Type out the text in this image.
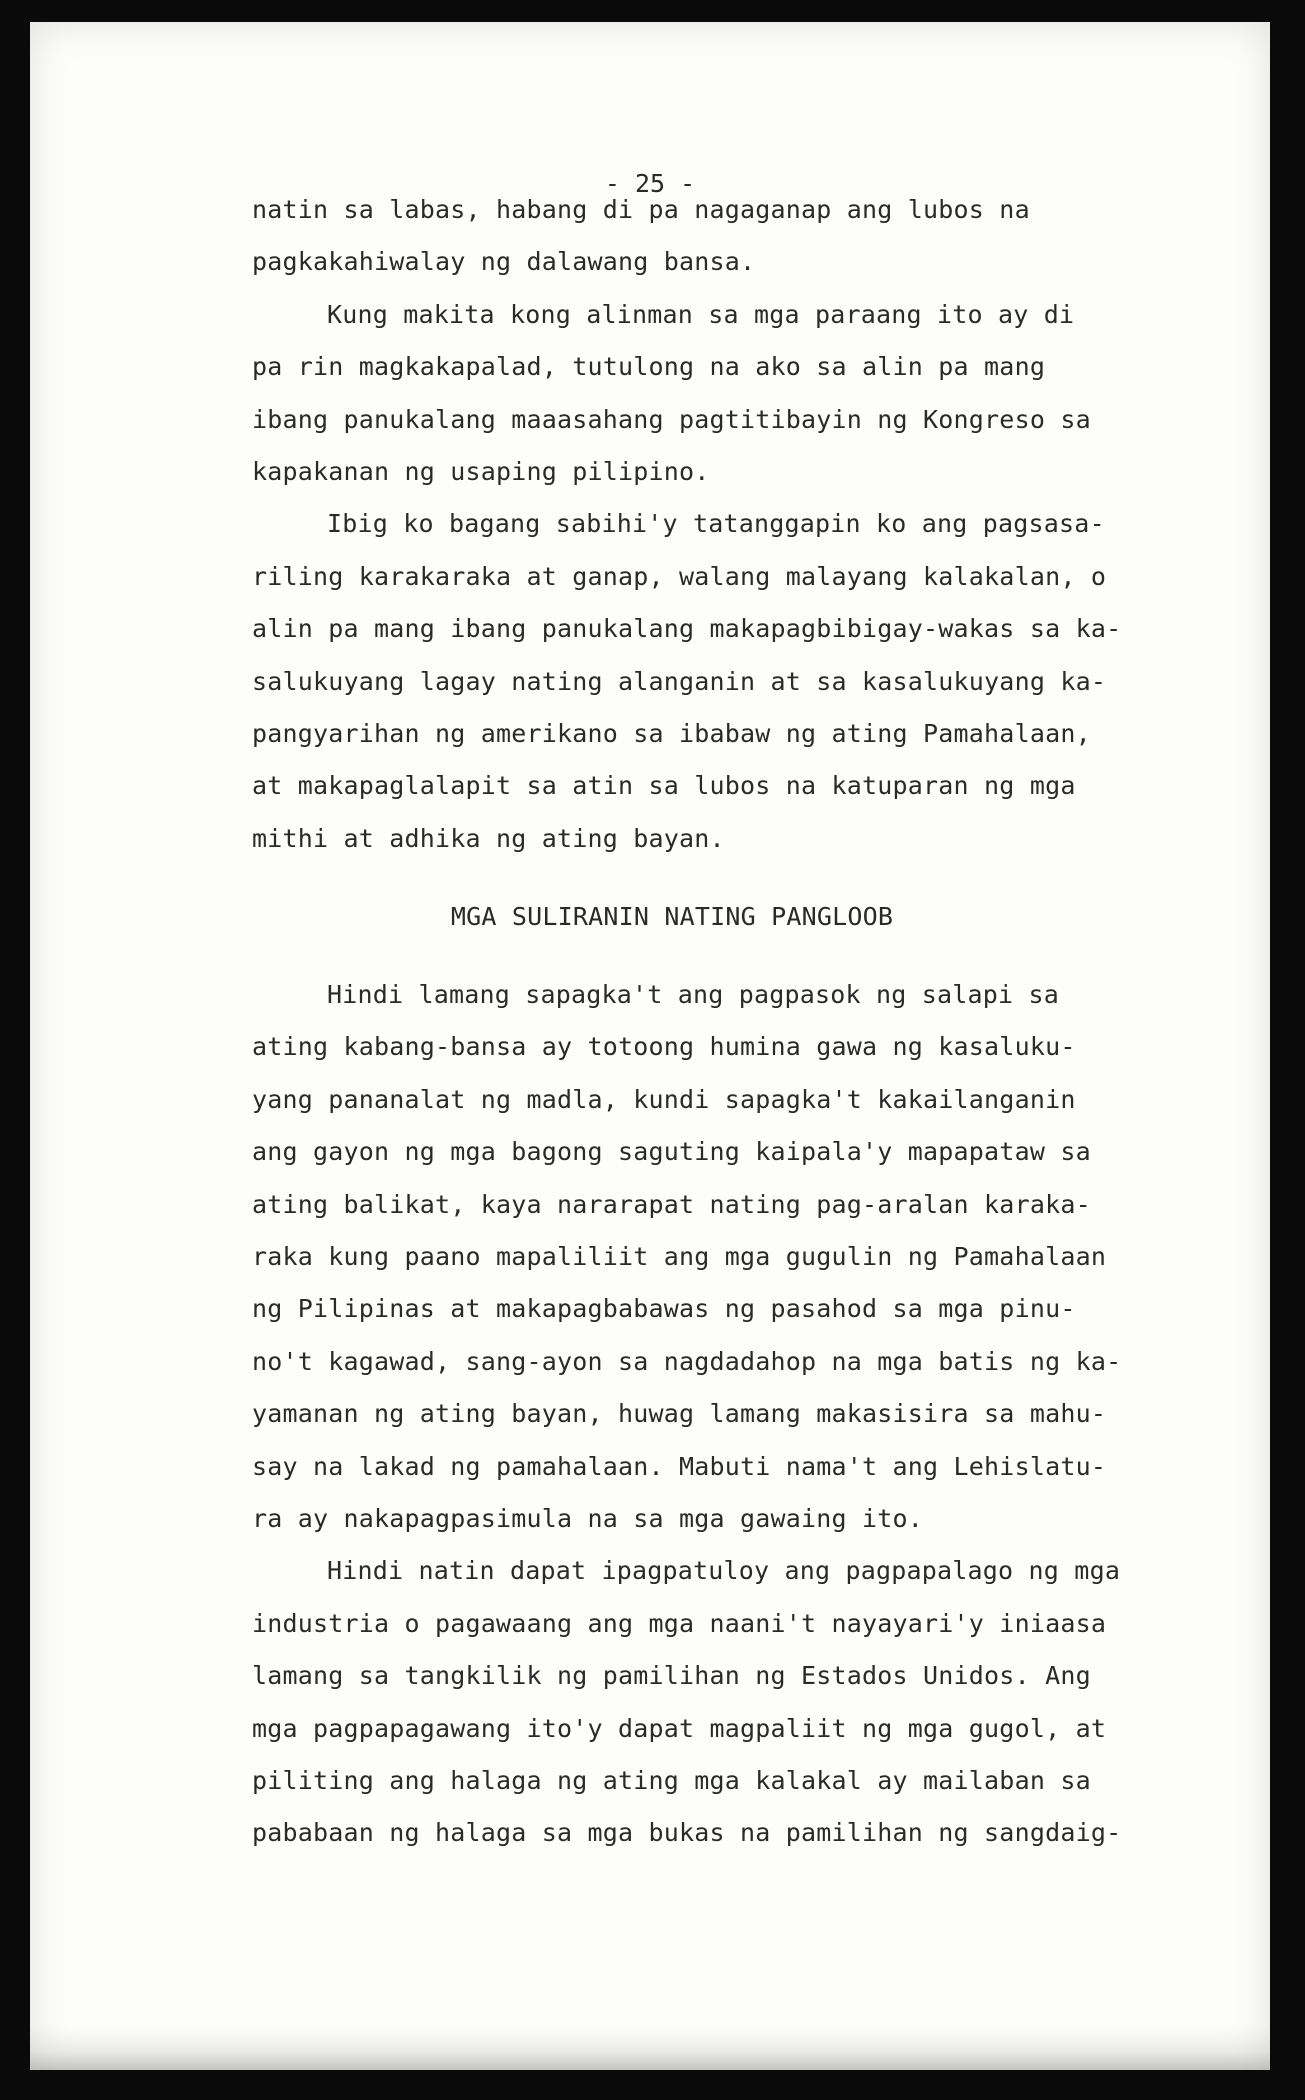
- 25 -
natin sa labas, habang di pa nagaganap ang lubos na
pagkakahiwalay ng dalawang bansa.
Kung makita kong alinman sa mga paraang ito ay di
pa rin magkakapalad, tutulong na ako sa alin pa mang
ibang panukalang maaasahang pagtitibayin ng Kongreso sa
kapakanan ng usaping pilipino.
Ibig ko bagang sabihi'y tatanggapin ko ang pagsasa-
riling karakaraka at ganap, walang malayang kalakalan, o
alin pa mang ibang panukalang makapagbibigay-wakas sa ka-
salukuyang lagay nating alanganin at sa kasalukuyang ka-
pangyarihan ng amerikano sa ibabaw ng ating Pamahalaan,
at makapaglalapit sa atin sa lubos na katuparan ng mga
mithi at adhika ng ating bayan.
MGA SULIRANIN NATING PANGLOOB
Hindi lamang sapagka't ang pagpasok ng salapi sa
ating kabang-bansa ay totoong humina gawa ng kasaluku-
yang pananalat ng madla, kundi sapagka't kakailanganin
ang gayon ng mga bagong saguting kaipala'y mapapataw sa
ating balikat, kaya nararapat nating pag-aralan karaka-
raka kung paano mapaliliit ang mga gugulin ng Pamahalaan
ng Pilipinas at makapagbabawas ng pasahod sa mga pinu-
no't kagawad, sang-ayon sa nagdadahop na mga batis ng ka-
yamanan ng ating bayan, huwag lamang makasisira sa mahu-
say na lakad ng pamahalaan. Mabuti nama't ang Lehislatu-
ra ay nakapagpasimula na sa mga gawaing ito.
Hindi natin dapat ipagpatuloy ang pagpapalago ng mga
industria o pagawaang ang mga naani't nayayari'y iniaasa
lamang sa tangkilik ng pamilihan ng Estados Unidos. Ang
mga pagpapagawang ito'y dapat magpaliit ng mga gugol, at
piliting ang halaga ng ating mga kalakal ay mailaban sa
pababaan ng halaga sa mga bukas na pamilihan ng sangdaig-
